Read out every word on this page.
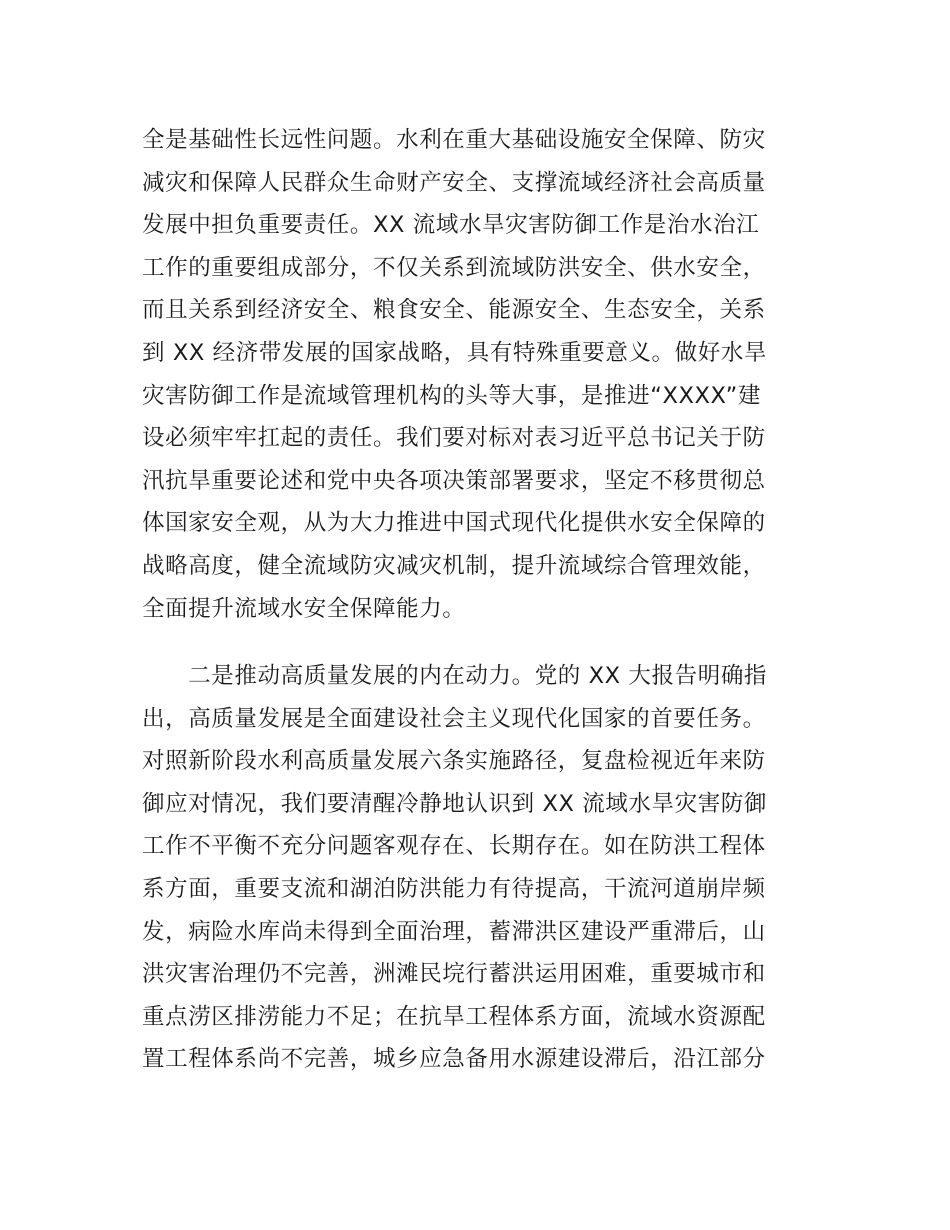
全是基础性长远性问题。水利在重大基础设施安全保障、防灾
减灾和保障人民群众生命财产安全、支撑流域经济社会高质量
发展中担负重要责任。XX 流域水旱灾害防御工作是治水治江
工作的重要组成部分，不仅关系到流域防洪安全、供水安全，
而且关系到经济安全、粮食安全、能源安全、生态安全，关系
到 XX 经济带发展的国家战略，具有特殊重要意义。做好水旱
灾害防御工作是流域管理机构的头等大事，是推进“XXXX”建
设必须牢牢扛起的责任。我们要对标对表习近平总书记关于防
汛抗旱重要论述和党中央各项决策部署要求，坚定不移贯彻总
体国家安全观，从为大力推进中国式现代化提供水安全保障的
战略高度，健全流域防灾减灾机制，提升流域综合管理效能，
全面提升流域水安全保障能力。
　　二是推动高质量发展的内在动力。党的 XX 大报告明确指
出，高质量发展是全面建设社会主义现代化国家的首要任务。
对照新阶段水利高质量发展六条实施路径，复盘检视近年来防
御应对情况，我们要清醒冷静地认识到 XX 流域水旱灾害防御
工作不平衡不充分问题客观存在、长期存在。如在防洪工程体
系方面，重要支流和湖泊防洪能力有待提高，干流河道崩岸频
发，病险水库尚未得到全面治理，蓄滞洪区建设严重滞后，山
洪灾害治理仍不完善，洲滩民垸行蓄洪运用困难，重要城市和
重点涝区排涝能力不足；在抗旱工程体系方面，流域水资源配
置工程体系尚不完善，城乡应急备用水源建设滞后，沿江部分
